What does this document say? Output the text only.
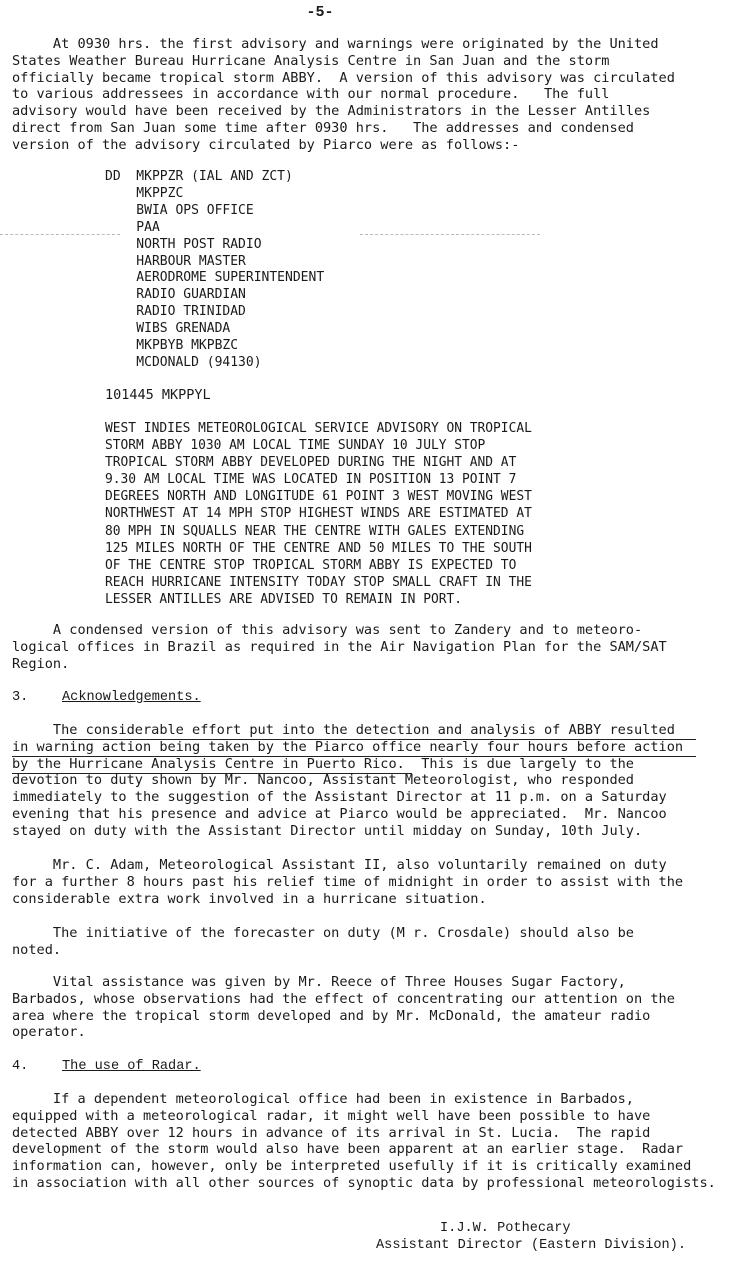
-5-
At 0930 hrs. the first advisory and warnings were originated by the United
States Weather Bureau Hurricane Analysis Centre in San Juan and the storm
officially became tropical storm ABBY.  A version of this advisory was circulated
to various addressees in accordance with our normal procedure.   The full
advisory would have been received by the Administrators in the Lesser Antilles
direct from San Juan some time after 0930 hrs.   The addresses and condensed
version of the advisory circulated by Piarco were as follows:-
DD  MKPPZR (IAL AND ZCT)
MKPPZC
BWIA OPS OFFICE
PAA
NORTH POST RADIO
HARBOUR MASTER
AERODROME SUPERINTENDENT
RADIO GUARDIAN
RADIO TRINIDAD
WIBS GRENADA
MKPBYB MKPBZC
MCDONALD (94130)
101445 MKPPYL
WEST INDIES METEOROLOGICAL SERVICE ADVISORY ON TROPICAL
STORM ABBY 1030 AM LOCAL TIME SUNDAY 10 JULY STOP
TROPICAL STORM ABBY DEVELOPED DURING THE NIGHT AND AT
9.30 AM LOCAL TIME WAS LOCATED IN POSITION 13 POINT 7
DEGREES NORTH AND LONGITUDE 61 POINT 3 WEST MOVING WEST
NORTHWEST AT 14 MPH STOP HIGHEST WINDS ARE ESTIMATED AT
80 MPH IN SQUALLS NEAR THE CENTRE WITH GALES EXTENDING
125 MILES NORTH OF THE CENTRE AND 50 MILES TO THE SOUTH
OF THE CENTRE STOP TROPICAL STORM ABBY IS EXPECTED TO
REACH HURRICANE INTENSITY TODAY STOP SMALL CRAFT IN THE
LESSER ANTILLES ARE ADVISED TO REMAIN IN PORT.
A condensed version of this advisory was sent to Zandery and to meteoro-
logical offices in Brazil as required in the Air Navigation Plan for the SAM/SAT
Region.
3. Acknowledgements.
The considerable effort put into the detection and analysis of ABBY resulted
in warning action being taken by the Piarco office nearly four hours before action
by the Hurricane Analysis Centre in Puerto Rico.  This is due largely to the
devotion to duty shown by Mr. Nancoo, Assistant Meteorologist, who responded
immediately to the suggestion of the Assistant Director at 11 p.m. on a Saturday
evening that his presence and advice at Piarco would be appreciated.  Mr. Nancoo
stayed on duty with the Assistant Director until midday on Sunday, 10th July.
Mr. C. Adam, Meteorological Assistant II, also voluntarily remained on duty
for a further 8 hours past his relief time of midnight in order to assist with the
considerable extra work involved in a hurricane situation.
The initiative of the forecaster on duty (M r. Crosdale) should also be
noted.
Vital assistance was given by Mr. Reece of Three Houses Sugar Factory,
Barbados, whose observations had the effect of concentrating our attention on the
area where the tropical storm developed and by Mr. McDonald, the amateur radio
operator.
4. The use of Radar.
If a dependent meteorological office had been in existence in Barbados,
equipped with a meteorological radar, it might well have been possible to have
detected ABBY over 12 hours in advance of its arrival in St. Lucia.  The rapid
development of the storm would also have been apparent at an earlier stage.  Radar
information can, however, only be interpreted usefully if it is critically examined
in association with all other sources of synoptic data by professional meteorologists.
I.J.W. Pothecary
Assistant Director (Eastern Division).
